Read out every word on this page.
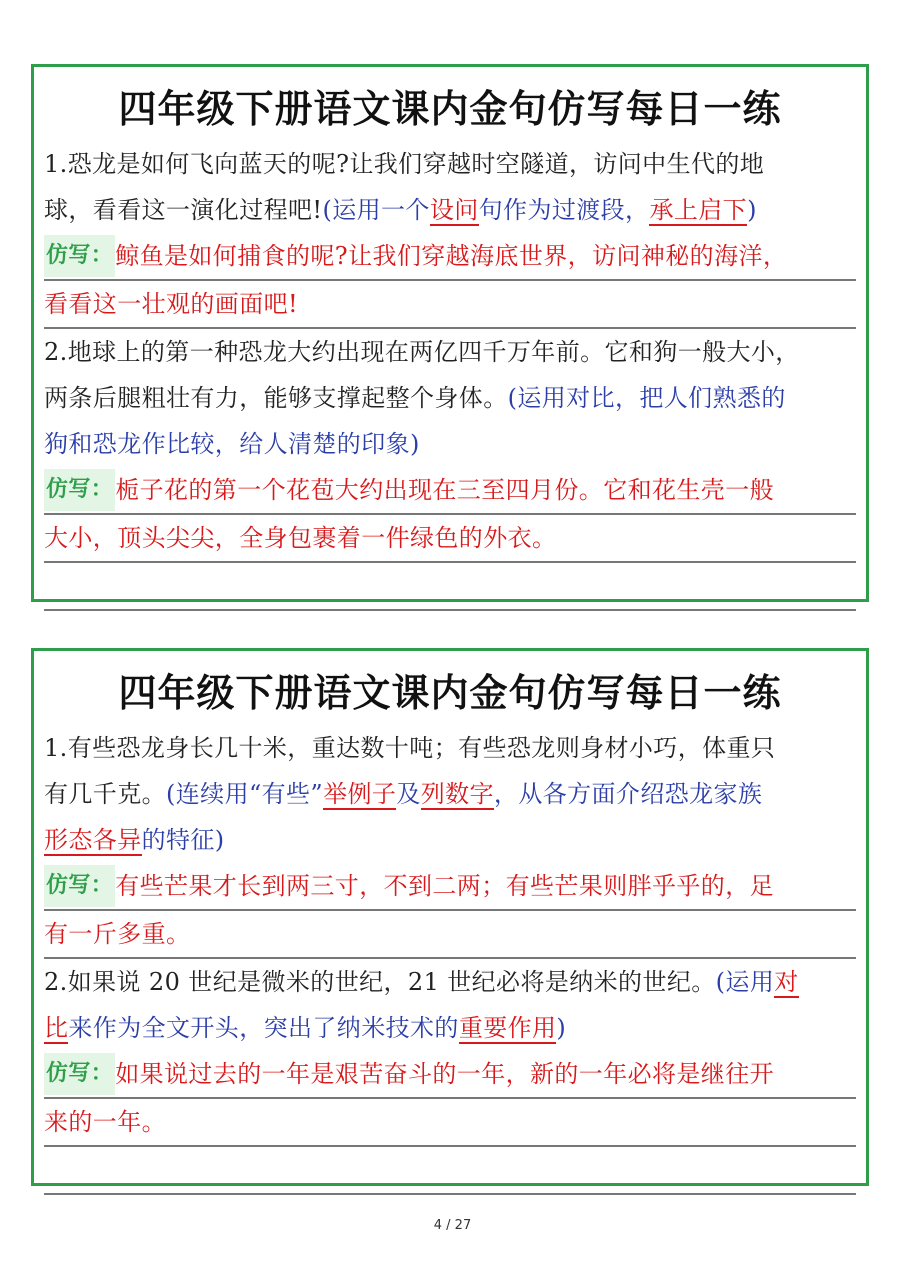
四年级下册语文课内金句仿写每日一练
1.恐龙是如何飞向蓝天的呢?让我们穿越时空隧道，访问中生代的地
球，看看这一演化过程吧!(运用一个设问句作为过渡段，承上启下)
仿写：鲸鱼是如何捕食的呢?让我们穿越海底世界，访问神秘的海洋，
看看这一壮观的画面吧!
2.地球上的第一种恐龙大约出现在两亿四千万年前。它和狗一般大小，
两条后腿粗壮有力，能够支撑起整个身体。(运用对比，把人们熟悉的
狗和恐龙作比较，给人清楚的印象)
仿写：栀子花的第一个花苞大约出现在三至四月份。它和花生壳一般
大小，顶头尖尖，全身包裹着一件绿色的外衣。
四年级下册语文课内金句仿写每日一练
1.有些恐龙身长几十米，重达数十吨；有些恐龙则身材小巧，体重只
有几千克。(连续用“有些”举例子及列数字，从各方面介绍恐龙家族
形态各异的特征)
仿写：有些芒果才长到两三寸，不到二两；有些芒果则胖乎乎的，足
有一斤多重。
2.如果说 20 世纪是微米的世纪，21 世纪必将是纳米的世纪。(运用对
比来作为全文开头，突出了纳米技术的重要作用)
仿写：如果说过去的一年是艰苦奋斗的一年，新的一年必将是继往开
来的一年。
4 / 27
